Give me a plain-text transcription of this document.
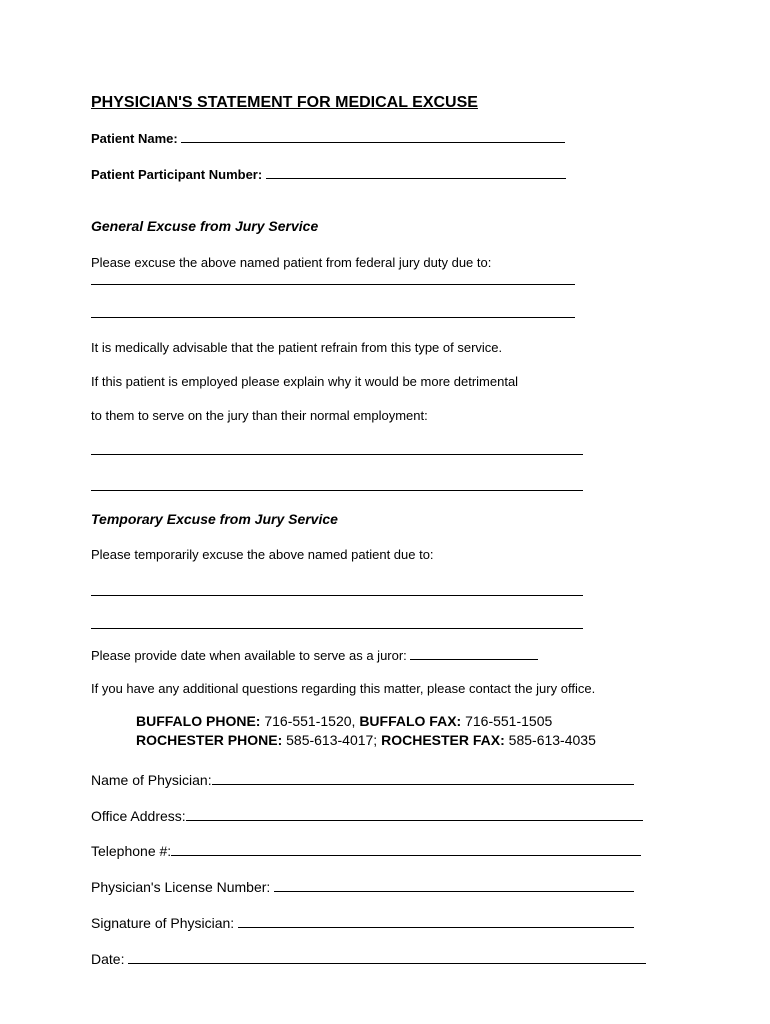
PHYSICIAN'S STATEMENT FOR MEDICAL EXCUSE
Patient Name:
Patient Participant Number:
General Excuse from Jury Service
Please excuse the above named patient from federal jury duty due to:
It is medically advisable that the patient refrain from this type of service.
If this patient is employed please explain why it would be more detrimental
to them to serve on the jury than their normal employment:
Temporary Excuse from Jury Service
Please temporarily excuse the above named patient due to:
Please provide date when available to serve as a juror:
If you have any additional questions regarding this matter, please contact the jury office.
BUFFALO PHONE: 716-551-1520, BUFFALO FAX: 716-551-1505
ROCHESTER PHONE: 585-613-4017; ROCHESTER FAX: 585-613-4035
Name of Physician:
Office Address:
Telephone #:
Physician's License Number:
Signature of Physician:
Date:
